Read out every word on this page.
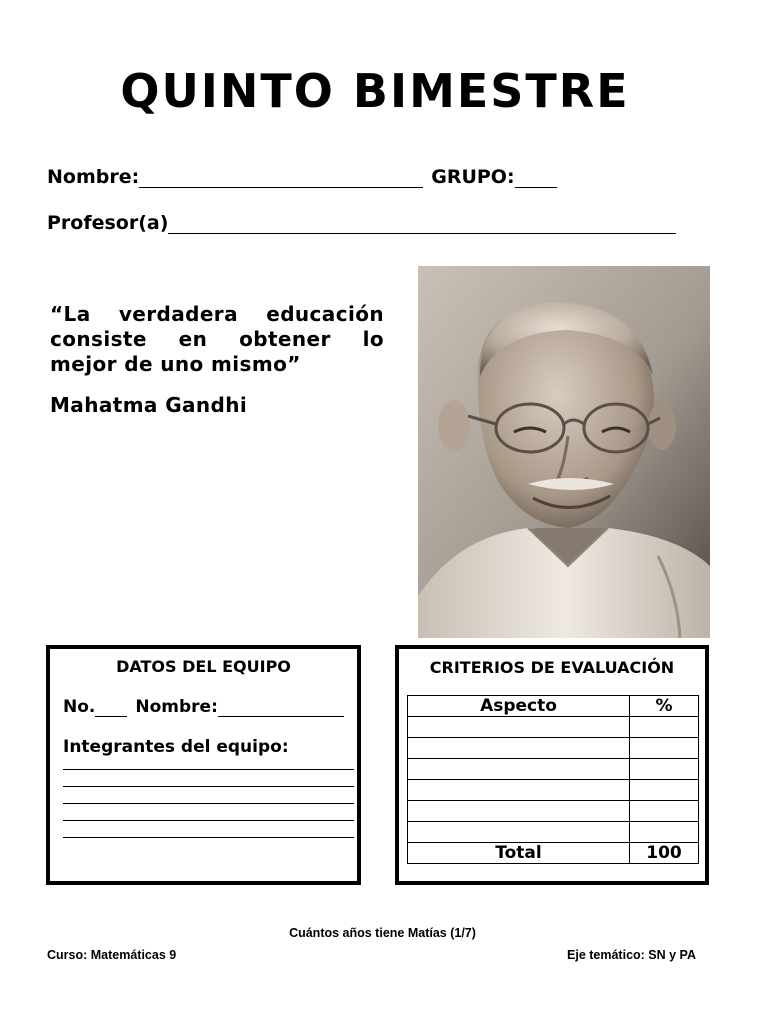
QUINTO BIMESTRE
Nombre:	GRUPO:
Profesor(a)
“La verdadera educación consiste en obtener lo mejor de uno mismo”
Mahatma Gandhi
DATOS DEL EQUIPO
No. Nombre:
Integrantes del equipo:
CRITERIOS DE EVALUACIÓN
Aspecto	%

Total	100
Cuántos años tiene Matías (1/7)
Curso: Matemáticas 9	Eje temático: SN y PA
